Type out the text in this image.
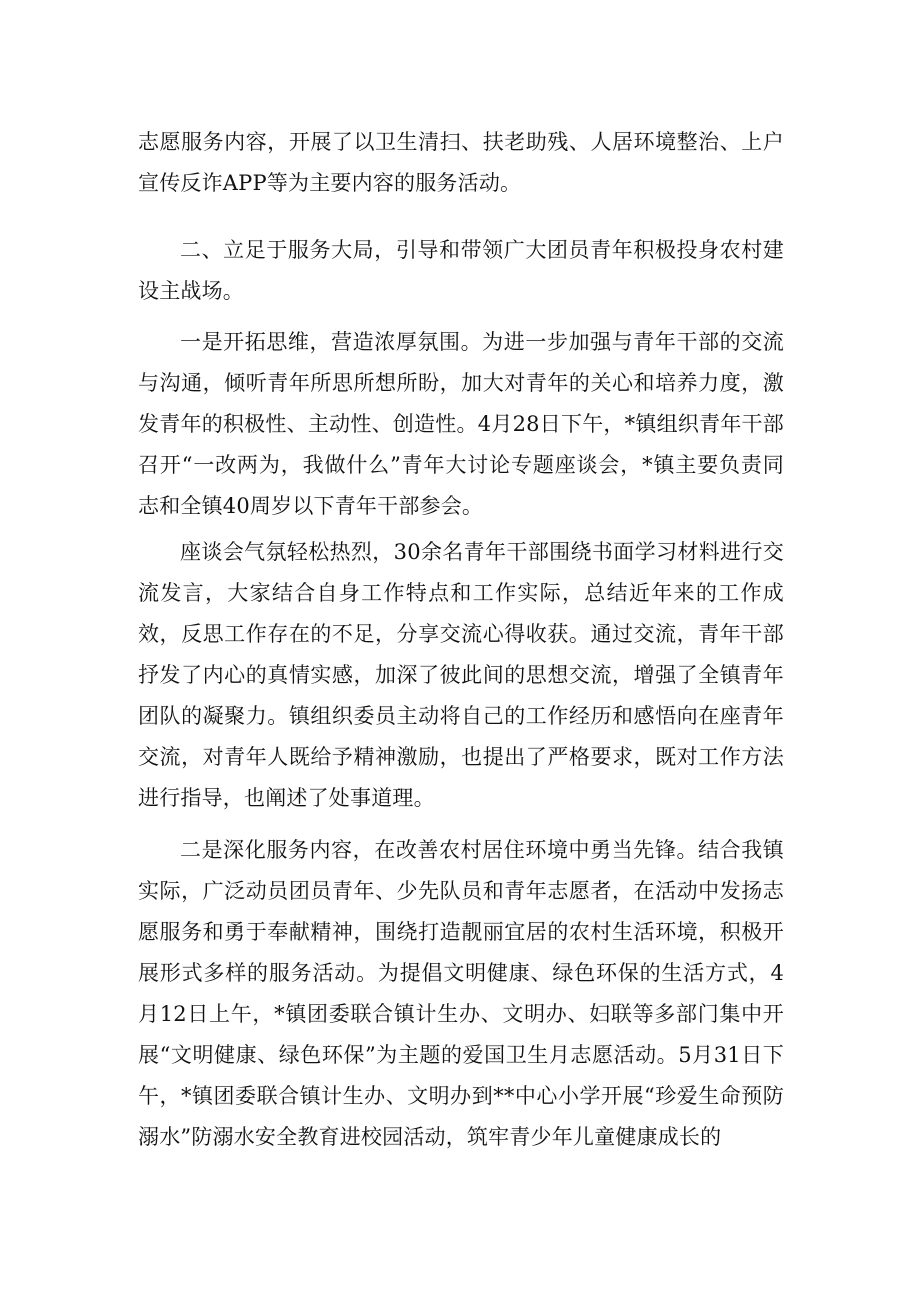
志愿服务内容，开展了以卫生清扫、扶老助残、人居环境整治、上户宣传反诈APP等为主要内容的服务活动。

二、立足于服务大局，引导和带领广大团员青年积极投身农村建设主战场。

一是开拓思维，营造浓厚氛围。为进一步加强与青年干部的交流与沟通，倾听青年所思所想所盼，加大对青年的关心和培养力度，激发青年的积极性、主动性、创造性。4月28日下午，*镇组织青年干部召开“一改两为，我做什么”青年大讨论专题座谈会，*镇主要负责同志和全镇40周岁以下青年干部参会。

座谈会气氛轻松热烈，30余名青年干部围绕书面学习材料进行交流发言，大家结合自身工作特点和工作实际，总结近年来的工作成效，反思工作存在的不足，分享交流心得收获。通过交流，青年干部抒发了内心的真情实感，加深了彼此间的思想交流，增强了全镇青年团队的凝聚力。镇组织委员主动将自己的工作经历和感悟向在座青年交流，对青年人既给予精神激励，也提出了严格要求，既对工作方法进行指导，也阐述了处事道理。

二是深化服务内容，在改善农村居住环境中勇当先锋。结合我镇实际，广泛动员团员青年、少先队员和青年志愿者，在活动中发扬志愿服务和勇于奉献精神，围绕打造靓丽宜居的农村生活环境，积极开展形式多样的服务活动。为提倡文明健康、绿色环保的生活方式，4月12日上午，*镇团委联合镇计生办、文明办、妇联等多部门集中开展“文明健康、绿色环保”为主题的爱国卫生月志愿活动。5月31日下午，*镇团委联合镇计生办、文明办到**中心小学开展“珍爱生命预防溺水”防溺水安全教育进校园活动，筑牢青少年儿童健康成长的
